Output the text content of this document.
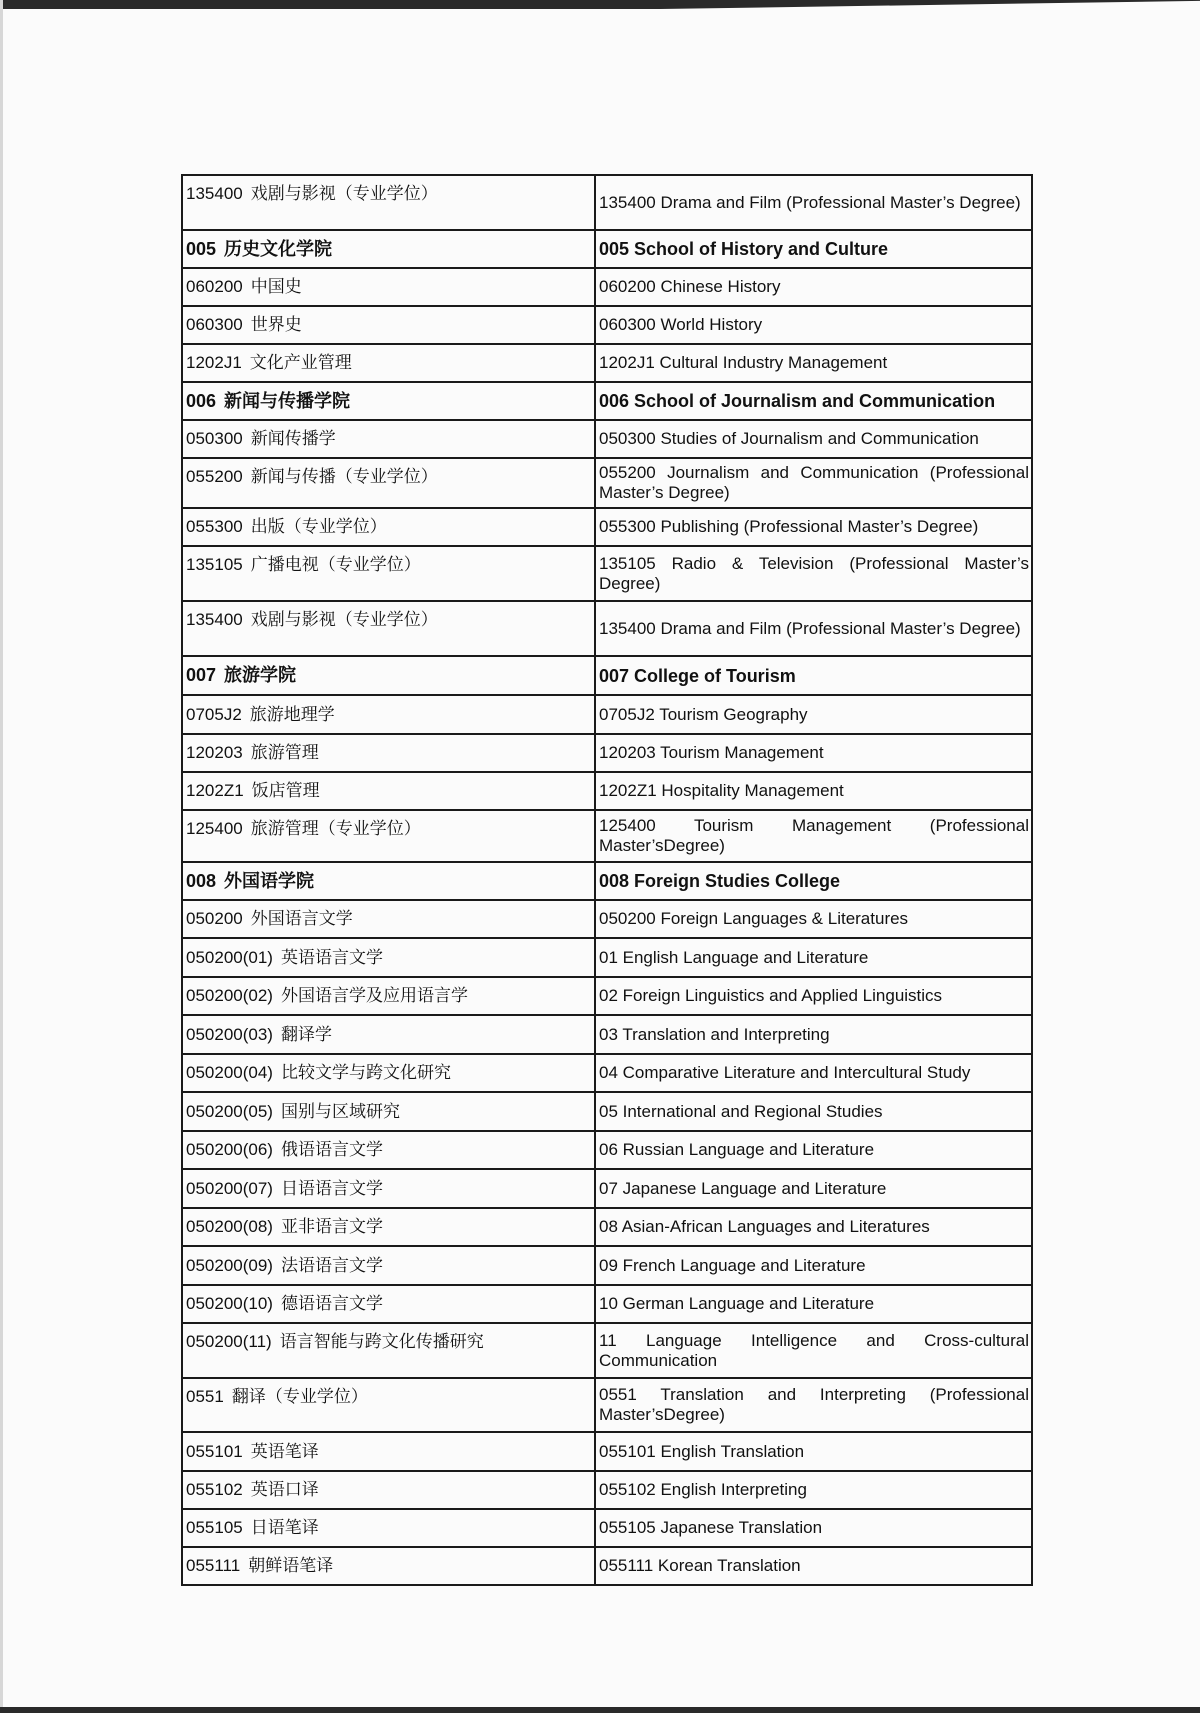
135400 戏剧与影视（专业学位）	135400 Drama and Film (Professional Master’s Degree)
005 历史文化学院	005 School of History and Culture
060200 中国史	060200 Chinese History
060300 世界史	060300 World History
1202J1 文化产业管理	1202J1 Cultural Industry Management
006 新闻与传播学院	006 School of Journalism and Communication
050300 新闻传播学	050300 Studies of Journalism and Communication
055200 新闻与传播（专业学位）	055200 Journalism and Communication (Professional Master’s Degree)
055300 出版（专业学位）	055300 Publishing (Professional Master’s Degree)
135105 广播电视（专业学位）	135105 Radio & Television (Professional Master’s Degree)
135400 戏剧与影视（专业学位）	135400 Drama and Film (Professional Master’s Degree)
007 旅游学院	007 College of Tourism
0705J2 旅游地理学	0705J2 Tourism Geography
120203 旅游管理	120203 Tourism Management
1202Z1 饭店管理	1202Z1 Hospitality Management
125400 旅游管理（专业学位）	125400 Tourism Management (Professional Master’sDegree)
008 外国语学院	008 Foreign Studies College
050200 外国语言文学	050200 Foreign Languages & Literatures
050200(01) 英语语言文学	01 English Language and Literature
050200(02) 外国语言学及应用语言学	02 Foreign Linguistics and Applied Linguistics
050200(03) 翻译学	03 Translation and Interpreting
050200(04) 比较文学与跨文化研究	04 Comparative Literature and Intercultural Study
050200(05) 国别与区域研究	05 International and Regional Studies
050200(06) 俄语语言文学	06 Russian Language and Literature
050200(07) 日语语言文学	07 Japanese Language and Literature
050200(08) 亚非语言文学	08 Asian-African Languages and Literatures
050200(09) 法语语言文学	09 French Language and Literature
050200(10) 德语语言文学	10 German Language and Literature
050200(11) 语言智能与跨文化传播研究	11 Language Intelligence and Cross-cultural Communication
0551 翻译（专业学位）	0551 Translation and Interpreting (Professional Master’sDegree)
055101 英语笔译	055101 English Translation
055102 英语口译	055102 English Interpreting
055105 日语笔译	055105 Japanese Translation
055111 朝鲜语笔译	055111 Korean Translation
